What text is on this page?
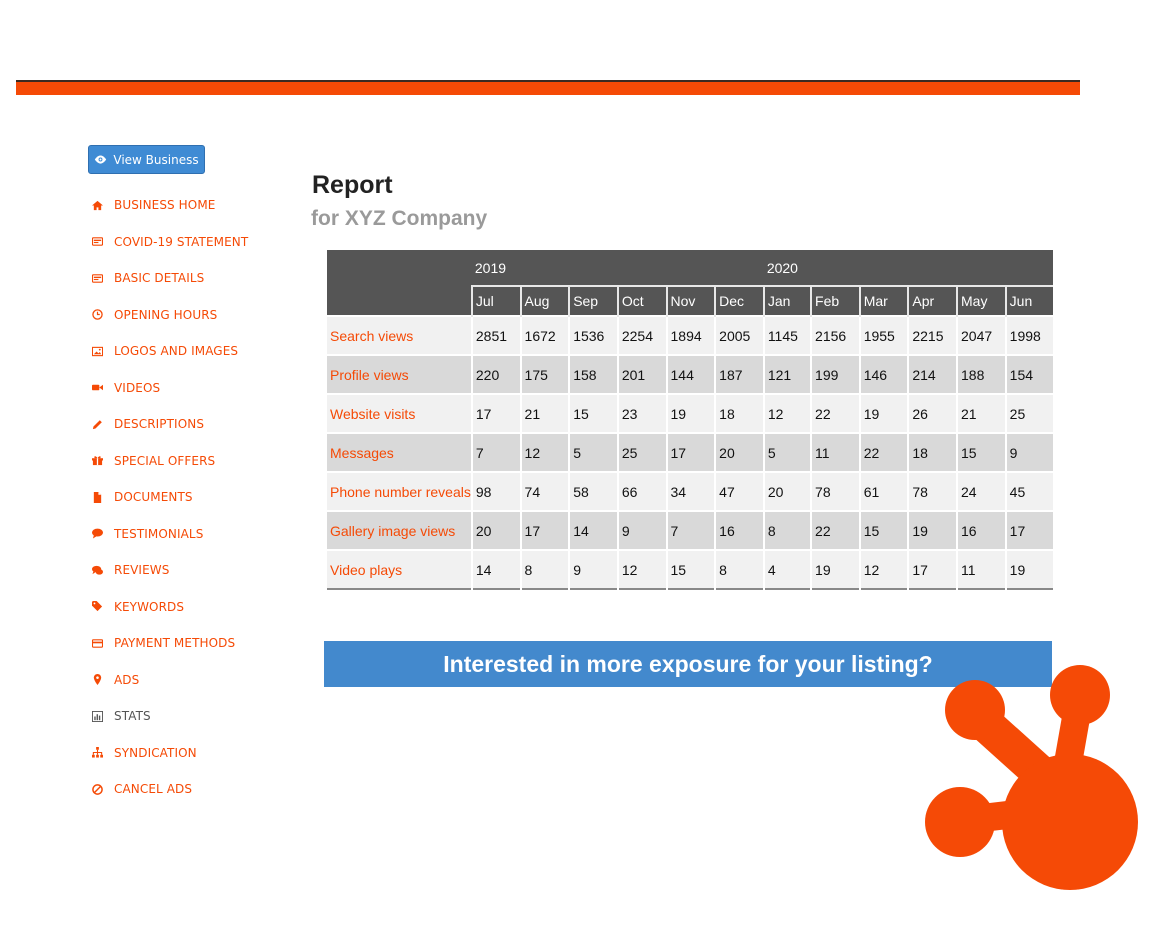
View Business
BUSINESS HOME
COVID-19 STATEMENT
BASIC DETAILS
OPENING HOURS
LOGOS AND IMAGES
VIDEOS
DESCRIPTIONS
SPECIAL OFFERS
DOCUMENTS
TESTIMONIALS
REVIEWS
KEYWORDS
PAYMENT METHODS
ADS
STATS
SYNDICATION
CANCEL ADS
Report
for XYZ Company
	2019						2020					
	Jul	Aug	Sep	Oct	Nov	Dec	Jan	Feb	Mar	Apr	May	Jun
Search views	2851	1672	1536	2254	1894	2005	1145	2156	1955	2215	2047	1998
Profile views	220	175	158	201	144	187	121	199	146	214	188	154
Website visits	17	21	15	23	19	18	12	22	19	26	21	25
Messages	7	12	5	25	17	20	5	11	22	18	15	9
Phone number reveals	98	74	58	66	34	47	20	78	61	78	24	45
Gallery image views	20	17	14	9	7	16	8	22	15	19	16	17
Video plays	14	8	9	12	15	8	4	19	12	17	11	19
Interested in more exposure for your listing?
